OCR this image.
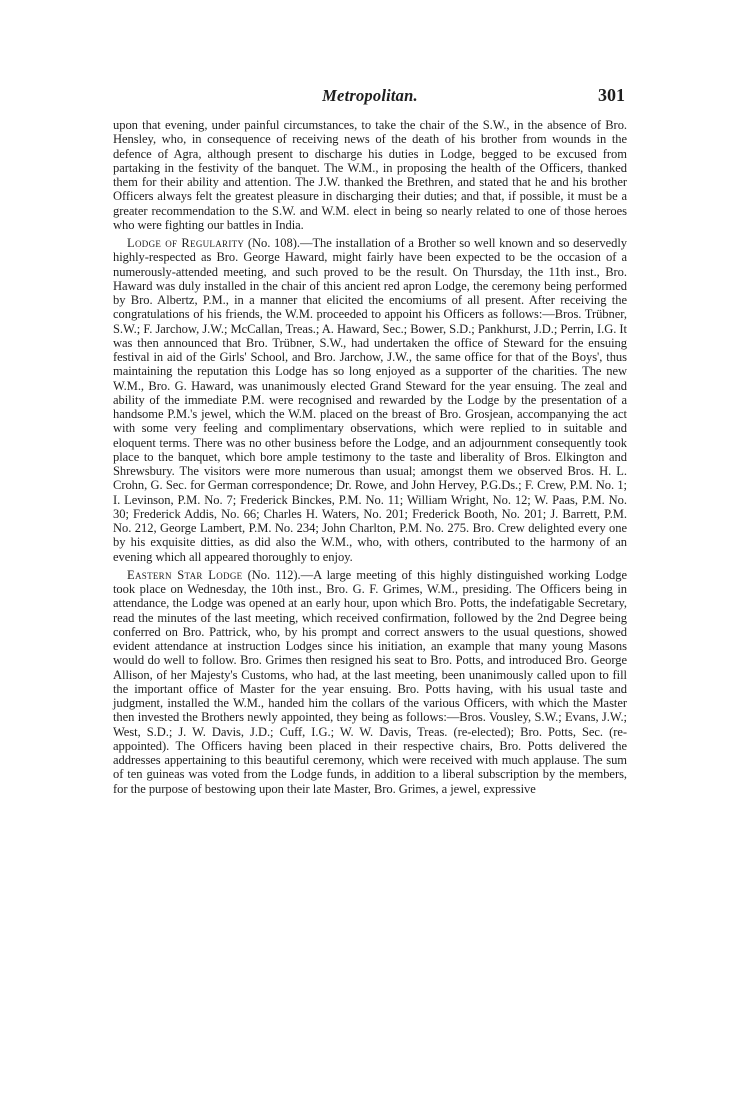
Metropolitan.	301

upon that evening, under painful circumstances, to take the chair of the S.W., in the absence of Bro. Hensley, who, in consequence of receiving news of the death of his brother from wounds in the defence of Agra, although present to discharge his duties in Lodge, begged to be excused from partaking in the festivity of the banquet. The W.M., in proposing the health of the Officers, thanked them for their ability and attention. The J.W. thanked the Brethren, and stated that he and his brother Officers always felt the greatest pleasure in discharging their duties; and that, if possible, it must be a greater recommendation to the S.W. and W.M. elect in being so nearly related to one of those heroes who were fighting our battles in India.

Lodge of Regularity (No. 108).—The installation of a Brother so well known and so deservedly highly-respected as Bro. George Haward, might fairly have been expected to be the occasion of a numerously-attended meeting, and such proved to be the result. On Thursday, the 11th inst., Bro. Haward was duly installed in the chair of this ancient red apron Lodge, the ceremony being performed by Bro. Albertz, P.M., in a manner that elicited the encomiums of all present. After receiving the congratulations of his friends, the W.M. proceeded to appoint his Officers as follows:—Bros. Trübner, S.W.; F. Jarchow, J.W.; McCallan, Treas.; A. Haward, Sec.; Bower, S.D.; Pankhurst, J.D.; Perrin, I.G. It was then announced that Bro. Trübner, S.W., had undertaken the office of Steward for the ensuing festival in aid of the Girls' School, and Bro. Jarchow, J.W., the same office for that of the Boys', thus maintaining the reputation this Lodge has so long enjoyed as a supporter of the charities. The new W.M., Bro. G. Haward, was unanimously elected Grand Steward for the year ensuing. The zeal and ability of the immediate P.M. were recognised and rewarded by the Lodge by the presentation of a handsome P.M.'s jewel, which the W.M. placed on the breast of Bro. Grosjean, accompanying the act with some very feeling and complimentary observations, which were replied to in suitable and eloquent terms. There was no other business before the Lodge, and an adjournment consequently took place to the banquet, which bore ample testimony to the taste and liberality of Bros. Elkington and Shrewsbury. The visitors were more numerous than usual; amongst them we observed Bros. H. L. Crohn, G. Sec. for German correspondence; Dr. Rowe, and John Hervey, P.G.Ds.; F. Crew, P.M. No. 1; I. Levinson, P.M. No. 7; Frederick Binckes, P.M. No. 11; William Wright, No. 12; W. Paas, P.M. No. 30; Frederick Addis, No. 66; Charles H. Waters, No. 201; Frederick Booth, No. 201; J. Barrett, P.M. No. 212, George Lambert, P.M. No. 234; John Charlton, P.M. No. 275. Bro. Crew delighted every one by his exquisite ditties, as did also the W.M., who, with others, contributed to the harmony of an evening which all appeared thoroughly to enjoy.

Eastern Star Lodge (No. 112).—A large meeting of this highly distinguished working Lodge took place on Wednesday, the 10th inst., Bro. G. F. Grimes, W.M., presiding. The Officers being in attendance, the Lodge was opened at an early hour, upon which Bro. Potts, the indefatigable Secretary, read the minutes of the last meeting, which received confirmation, followed by the 2nd Degree being conferred on Bro. Pattrick, who, by his prompt and correct answers to the usual questions, showed evident attendance at instruction Lodges since his initiation, an example that many young Masons would do well to follow. Bro. Grimes then resigned his seat to Bro. Potts, and introduced Bro. George Allison, of her Majesty's Customs, who had, at the last meeting, been unanimously called upon to fill the important office of Master for the year ensuing. Bro. Potts having, with his usual taste and judgment, installed the W.M., handed him the collars of the various Officers, with which the Master then invested the Brothers newly appointed, they being as follows:—Bros. Vousley, S.W.; Evans, J.W.; West, S.D.; J. W. Davis, J.D.; Cuff, I.G.; W. W. Davis, Treas. (re-elected); Bro. Potts, Sec. (re-appointed). The Officers having been placed in their respective chairs, Bro. Potts delivered the addresses appertaining to this beautiful ceremony, which were received with much applause. The sum of ten guineas was voted from the Lodge funds, in addition to a liberal subscription by the members, for the purpose of bestowing upon their late Master, Bro. Grimes, a jewel, expressive
